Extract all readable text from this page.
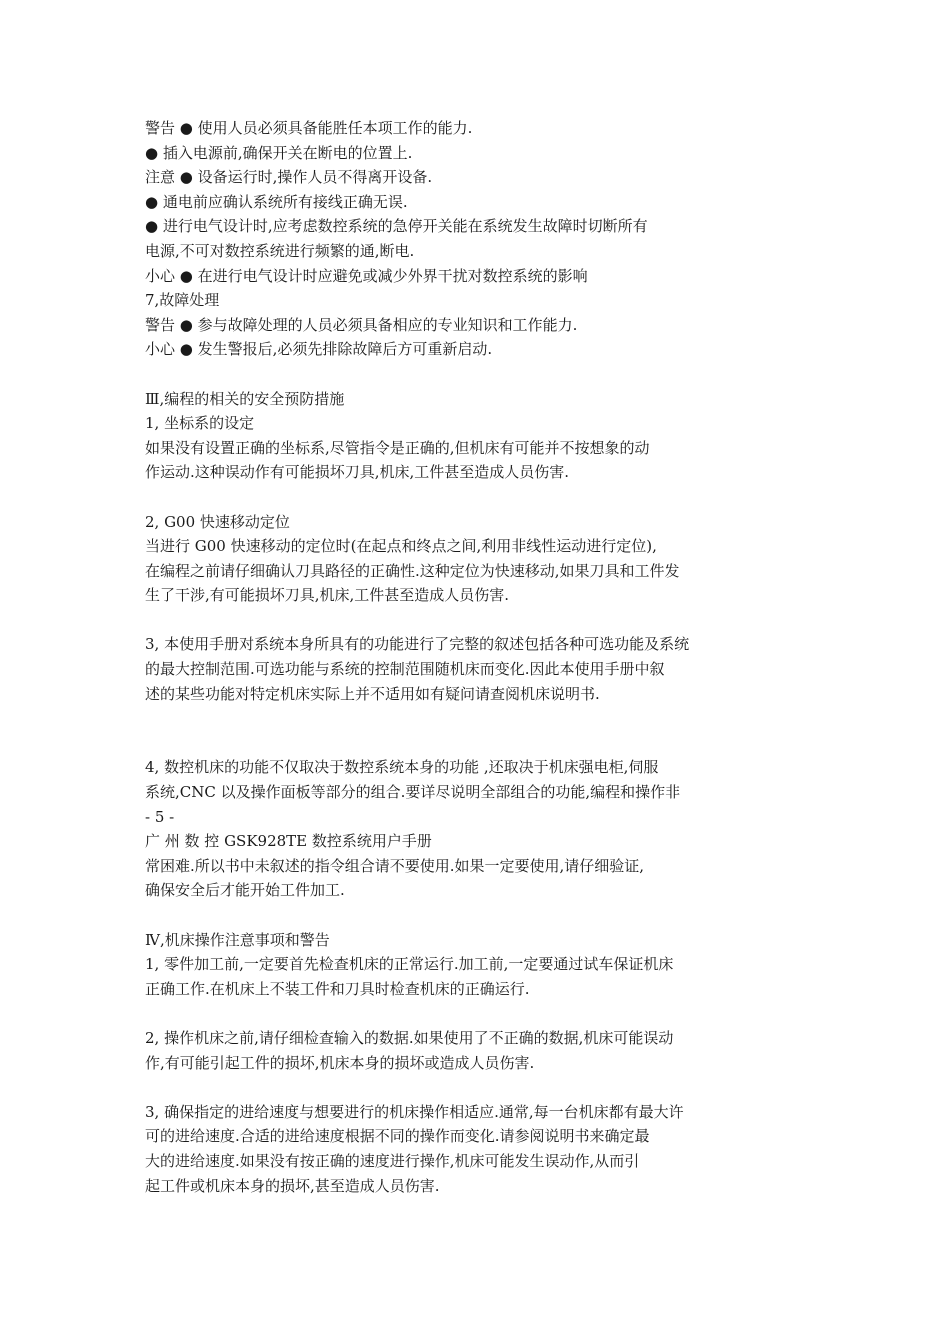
警告 ● 使用人员必须具备能胜任本项工作的能力.
● 插入电源前,确保开关在断电的位置上.
注意 ● 设备运行时,操作人员不得离开设备.
● 通电前应确认系统所有接线正确无误.
● 进行电气设计时,应考虑数控系统的急停开关能在系统发生故障时切断所有
电源,不可对数控系统进行频繁的通,断电.
小心 ● 在进行电气设计时应避免或减少外界干扰对数控系统的影响
7,故障处理
警告 ● 参与故障处理的人员必须具备相应的专业知识和工作能力.
小心 ● 发生警报后,必须先排除故障后方可重新启动.
Ⅲ,编程的相关的安全预防措施
1, 坐标系的设定
如果没有设置正确的坐标系,尽管指令是正确的,但机床有可能并不按想象的动
作运动.这种误动作有可能损坏刀具,机床,工件甚至造成人员伤害.
2, G00 快速移动定位
当进行 G00 快速移动的定位时(在起点和终点之间,利用非线性运动进行定位),
在编程之前请仔细确认刀具路径的正确性.这种定位为快速移动,如果刀具和工件发
生了干涉,有可能损坏刀具,机床,工件甚至造成人员伤害.
3, 本使用手册对系统本身所具有的功能进行了完整的叙述包括各种可选功能及系统
的最大控制范围.可选功能与系统的控制范围随机床而变化.因此本使用手册中叙
述的某些功能对特定机床实际上并不适用如有疑问请查阅机床说明书.
4, 数控机床的功能不仅取决于数控系统本身的功能 ,还取决于机床强电柜,伺服
系统,CNC 以及操作面板等部分的组合.要详尽说明全部组合的功能,编程和操作非
- 5 -
广 州 数 控 GSK928TE 数控系统用户手册
常困难.所以书中未叙述的指令组合请不要使用.如果一定要使用,请仔细验证,
确保安全后才能开始工件加工.
Ⅳ,机床操作注意事项和警告
1, 零件加工前,一定要首先检查机床的正常运行.加工前,一定要通过试车保证机床
正确工作.在机床上不装工件和刀具时检查机床的正确运行.
2, 操作机床之前,请仔细检查输入的数据.如果使用了不正确的数据,机床可能误动
作,有可能引起工件的损坏,机床本身的损坏或造成人员伤害.
3, 确保指定的进给速度与想要进行的机床操作相适应.通常,每一台机床都有最大许
可的进给速度.合适的进给速度根据不同的操作而变化.请参阅说明书来确定最
大的进给速度.如果没有按正确的速度进行操作,机床可能发生误动作,从而引
起工件或机床本身的损坏,甚至造成人员伤害.
